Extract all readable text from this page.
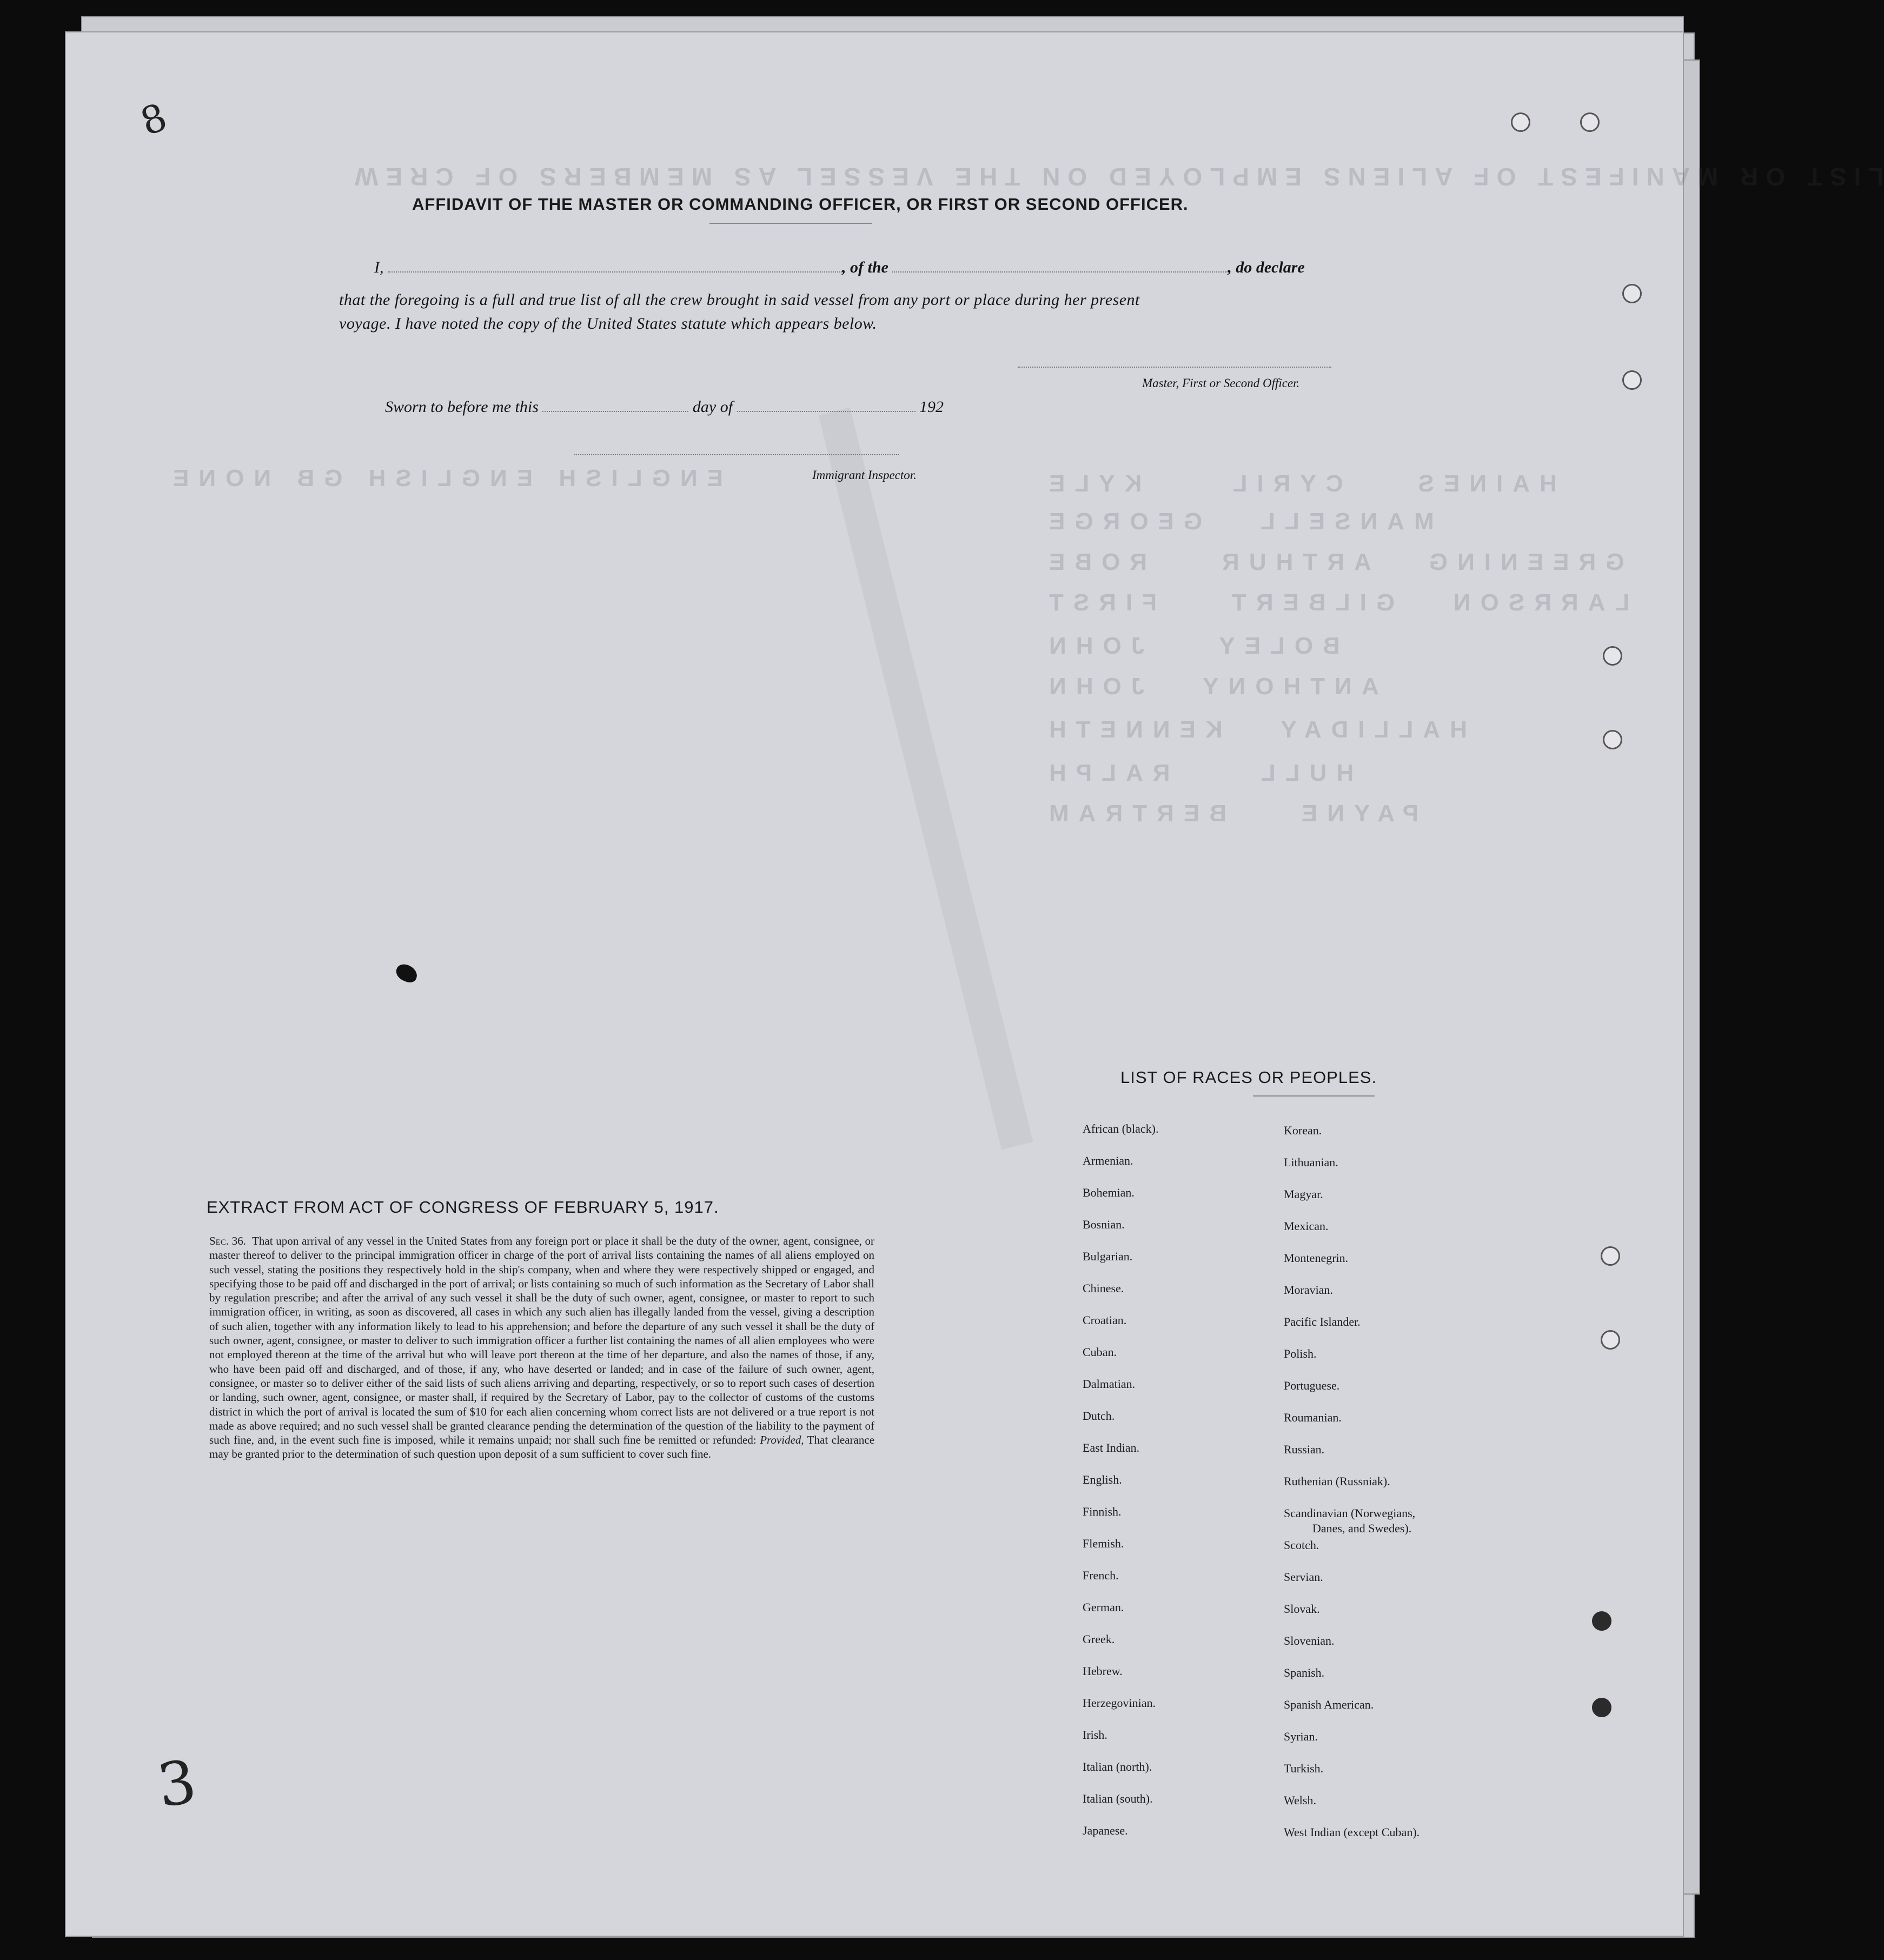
LIST OR MANIFEST OF ALIENS EMPLOYED ON THE VESSEL AS MEMBERS OF CREW
HAINES    CYRIL     KYLE
MANSELL   GEORGE
GREENING   ARTHUR    ROBE
LARRSON   GILBERT    FIRST
BOLEY    JOHN
ANTHONY   JOHN
HALLIDAY   KENNETH
HULL     RALPH
PAYNE    BERTRAM
ENGLISH ENGLISH GB NONE
8
3
AFFIDAVIT OF THE MASTER OR COMMANDING OFFICER, OR FIRST OR SECOND OFFICER.
I,	, of the	, do declare
that the foregoing is a full and true list of all the crew brought in said vessel from any port or place during her present
voyage. I have noted the copy of the United States statute which appears below.
Master, First or Second Officer.
Sworn to before me this	day of	192
Immigrant Inspector.
EXTRACT FROM ACT OF CONGRESS OF FEBRUARY 5, 1917.
Sec. 36. That upon arrival of any vessel in the United States from any foreign port or place it shall be the duty of the owner, agent, consignee, or master thereof to deliver to the principal immigration officer in charge of the port of arrival lists containing the names of all aliens employed on such vessel, stating the positions they respectively hold in the ship's company, when and where they were respectively shipped or engaged, and specifying those to be paid off and discharged in the port of arrival; or lists containing so much of such information as the Secretary of Labor shall by regulation prescribe; and after the arrival of any such vessel it shall be the duty of such owner, agent, consignee, or master to report to such immigration officer, in writing, as soon as discovered, all cases in which any such alien has illegally landed from the vessel, giving a description of such alien, together with any information likely to lead to his apprehension; and before the departure of any such vessel it shall be the duty of such owner, agent, consignee, or master to deliver to such immigration officer a further list containing the names of all alien employees who were not employed thereon at the time of the arrival but who will leave port thereon at the time of her departure, and also the names of those, if any, who have been paid off and discharged, and of those, if any, who have deserted or landed; and in case of the failure of such owner, agent, consignee, or master so to deliver either of the said lists of such aliens arriving and departing, respectively, or so to report such cases of desertion or landing, such owner, agent, consignee, or master shall, if required by the Secretary of Labor, pay to the collector of customs of the customs district in which the port of arrival is located the sum of $10 for each alien concerning whom correct lists are not delivered or a true report is not made as above required; and no such vessel shall be granted clearance pending the determination of the question of the liability to the payment of such fine, and, in the event such fine is imposed, while it remains unpaid; nor shall such fine be remitted or refunded: Provided, That clearance may be granted prior to the determination of such question upon deposit of a sum sufficient to cover such fine.
LIST OF RACES OR PEOPLES.
African (black).
Armenian.
Bohemian.
Bosnian.
Bulgarian.
Chinese.
Croatian.
Cuban.
Dalmatian.
Dutch.
East Indian.
English.
Finnish.
Flemish.
French.
German.
Greek.
Hebrew.
Herzegovinian.
Irish.
Italian (north).
Italian (south).
Japanese.
Korean.
Lithuanian.
Magyar.
Mexican.
Montenegrin.
Moravian.
Pacific Islander.
Polish.
Portuguese.
Roumanian.
Russian.
Ruthenian (Russniak).
Scandinavian (Norwegians,
Danes, and Swedes).
Scotch.
Servian.
Slovak.
Slovenian.
Spanish.
Spanish American.
Syrian.
Turkish.
Welsh.
West Indian (except Cuban).
